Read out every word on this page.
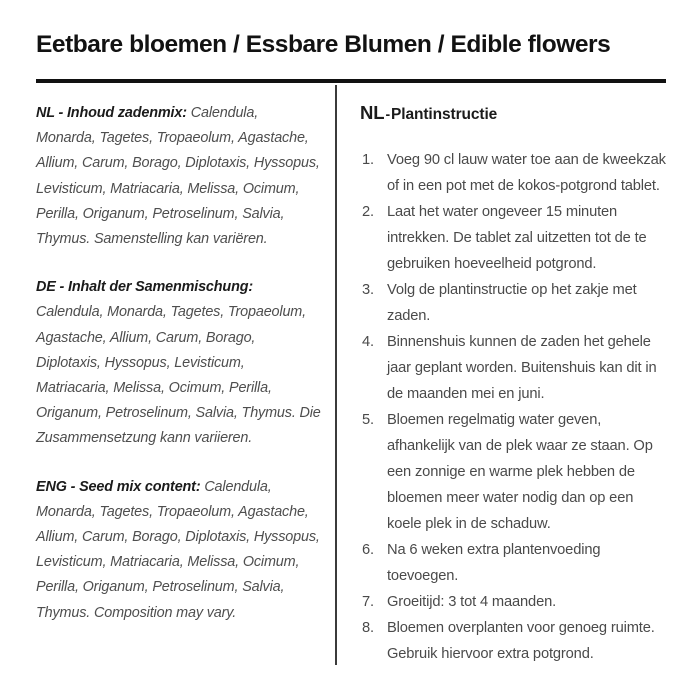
Eetbare bloemen / Essbare Blumen / Edible flowers
NL - Inhoud zadenmix: Calendula, Monarda, Tagetes, Tropaeolum, Agastache, Allium, Carum, Borago, Diplotaxis, Hyssopus, Levisticum, Matriacaria, Melissa, Ocimum, Perilla, Origanum, Petroselinum, Salvia, Thymus. Samenstelling kan variëren.
DE - Inhalt der Samenmischung:
Calendula, Monarda, Tagetes, Tropaeolum, Agastache, Allium, Carum, Borago, Diplotaxis, Hyssopus, Levisticum, Matriacaria, Melissa, Ocimum, Perilla, Origanum, Petroselinum, Salvia, Thymus. Die Zusammensetzung kann variieren.
ENG - Seed mix content: Calendula, Monarda, Tagetes, Tropaeolum, Agastache, Allium, Carum, Borago, Diplotaxis, Hyssopus, Levisticum, Matriacaria, Melissa, Ocimum, Perilla, Origanum, Petroselinum, Salvia, Thymus. Composition may vary.
NL-Plantinstructie
1. Voeg 90 cl lauw water toe aan de kweekzak of in een pot met de kokos-potgrond tablet.
2. Laat het water ongeveer 15 minuten intrekken. De tablet zal uitzetten tot de te gebruiken hoeveelheid potgrond.
3. Volg de plantinstructie op het zakje met zaden.
4. Binnenshuis kunnen de zaden het gehele jaar geplant worden. Buitenshuis kan dit in de maanden mei en juni.
5. Bloemen regelmatig water geven, afhankelijk van de plek waar ze staan. Op een zonnige en warme plek hebben de bloemen meer water nodig dan op een koele plek in de schaduw.
6. Na 6 weken extra plantenvoeding toevoegen.
7. Groeitijd: 3 tot 4 maanden.
8. Bloemen overplanten voor genoeg ruimte. Gebruik hiervoor extra potgrond.
